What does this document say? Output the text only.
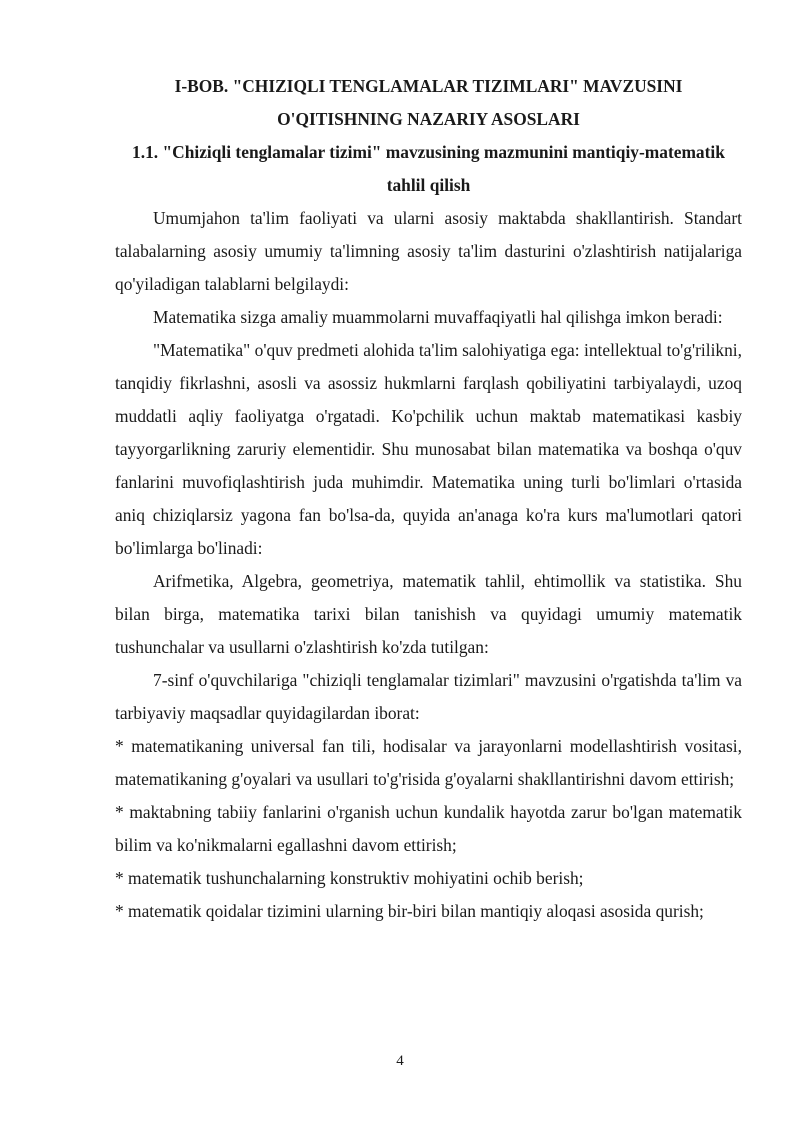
I-BOB. "CHIZIQLI TENGLAMALAR TIZIMLARI" MAVZUSINI O'QITISHNING NAZARIY ASOSLARI
1.1. "Chiziqli tenglamalar tizimi" mavzusining mazmunini mantiqiy-matematik tahlil qilish

Umumjahon ta'lim faoliyati va ularni asosiy maktabda shakllantirish. Standart talabalarning asosiy umumiy ta'limning asosiy ta'lim dasturini o'zlashtirish natijalariga qo'yiladigan talablarni belgilaydi:

Matematika sizga amaliy muammolarni muvaffaqiyatli hal qilishga imkon beradi:

"Matematika" o'quv predmeti alohida ta'lim salohiyatiga ega: intellektual to'g'rilikni, tanqidiy fikrlashni, asosli va asossiz hukmlarni farqlash qobiliyatini tarbiyalaydi, uzoq muddatli aqliy faoliyatga o'rgatadi. Ko'pchilik uchun maktab matematikasi kasbiy tayyorgarlikning zaruriy elementidir. Shu munosabat bilan matematika va boshqa o'quv fanlarini muvofiqlashtirish juda muhimdir. Matematika uning turli bo'limlari o'rtasida aniq chiziqlarsiz yagona fan bo'lsa-da, quyida an'anaga ko'ra kurs ma'lumotlari qatori bo'limlarga bo'linadi:

Arifmetika, Algebra, geometriya, matematik tahlil, ehtimollik va statistika. Shu bilan birga, matematika tarixi bilan tanishish va quyidagi umumiy matematik tushunchalar va usullarni o'zlashtirish ko'zda tutilgan:

7-sinf o'quvchilariga "chiziqli tenglamalar tizimlari" mavzusini o'rgatishda ta'lim va tarbiyaviy maqsadlar quyidagilardan iborat:

* matematikaning universal fan tili, hodisalar va jarayonlarni modellashtirish vositasi, matematikaning g'oyalari va usullari to'g'risida g'oyalarni shakllantirishni davom ettirish;

* maktabning tabiiy fanlarini o'rganish uchun kundalik hayotda zarur bo'lgan matematik bilim va ko'nikmalarni egallashni davom ettirish;

* matematik tushunchalarning konstruktiv mohiyatini ochib berish;

* matematik qoidalar tizimini ularning bir-biri bilan mantiqiy aloqasi asosida qurish;

4
